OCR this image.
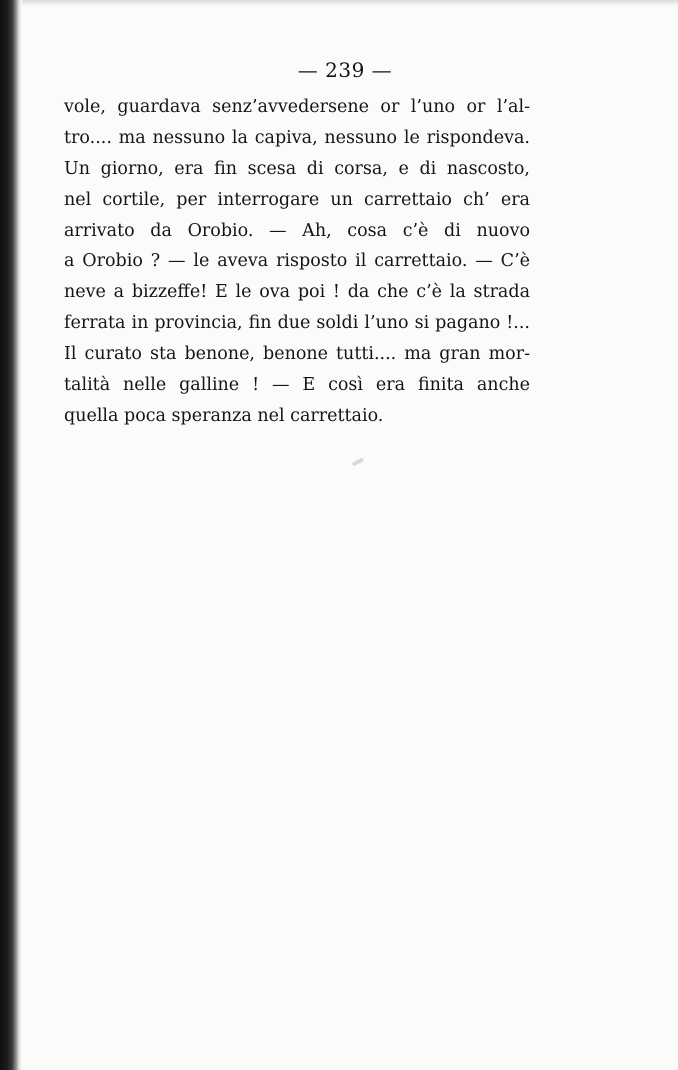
— 239 —
vole, guardava senz’avvedersene or l’uno or l’al-
tro.... ma nessuno la capiva, nessuno le rispondeva.
Un giorno, era fin scesa di corsa, e di nascosto,
nel cortile, per interrogare un carrettaio ch’ era
arrivato da Orobio. — Ah, cosa c’è di nuovo
a Orobio ? — le aveva risposto il carrettaio. — C’è
neve a bizzeffe! E le ova poi ! da che c’è la strada
ferrata in provincia, fin due soldi l’uno si pagano !...
Il curato sta benone, benone tutti.... ma gran mor-
talità nelle galline ! — E così era finita anche
quella poca speranza nel carrettaio.
